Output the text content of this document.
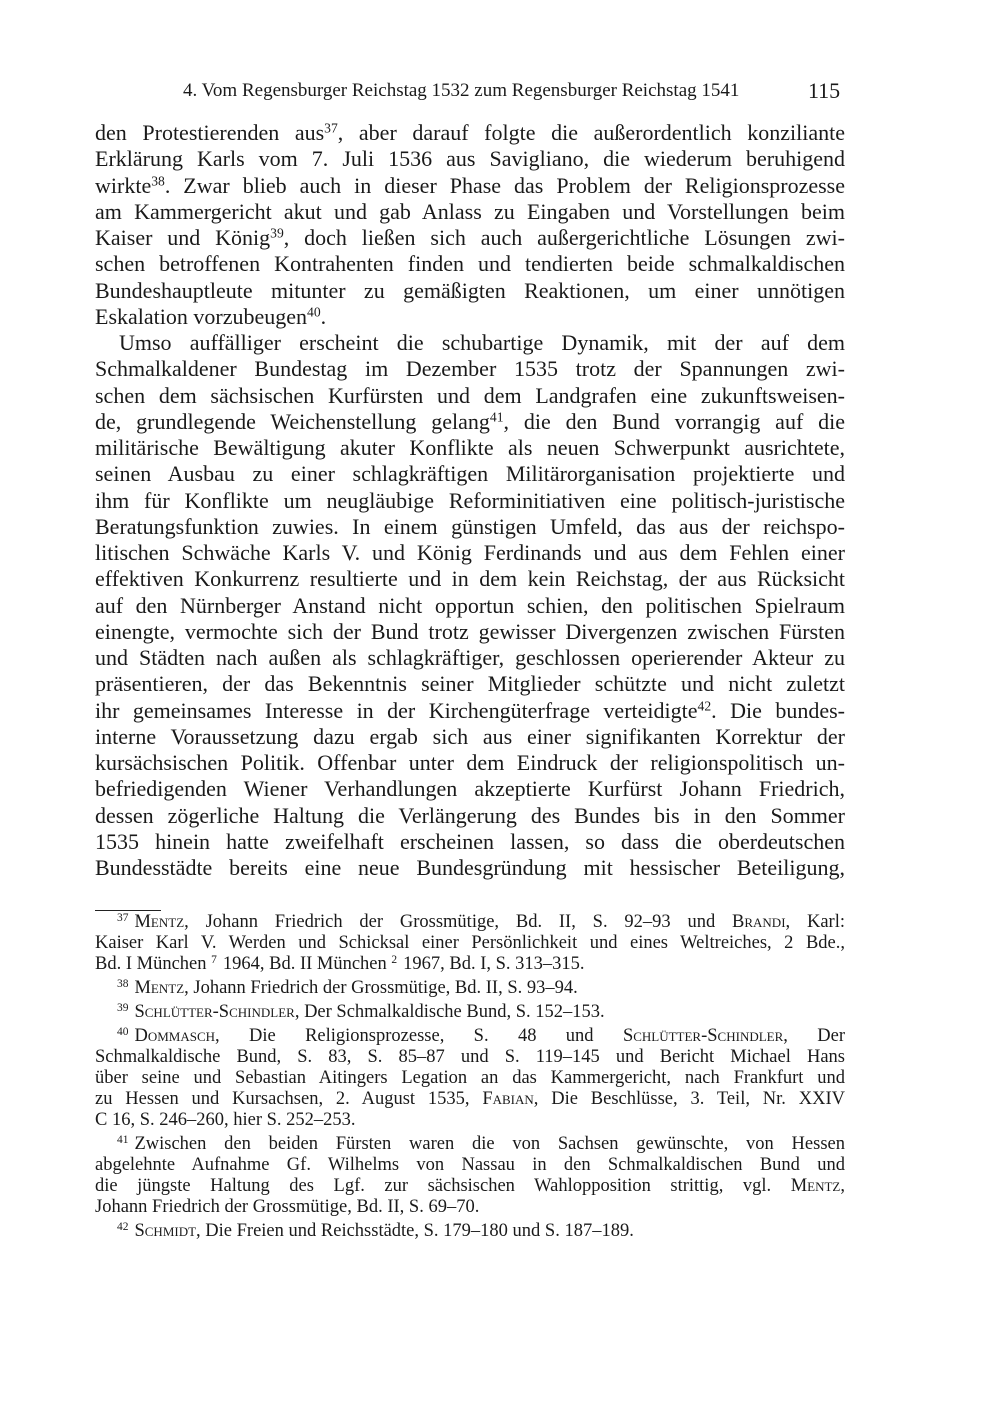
4. Vom Regensburger Reichstag 1532 zum Regensburger Reichstag 1541	115
den Protestierenden aus$^{37}$, aber darauf folgte die außerordentlich konziliante
Erklärung Karls vom 7. Juli 1536 aus Savigliano, die wiederum beruhigend
wirkte$^{38}$. Zwar blieb auch in dieser Phase das Problem der Religionsprozesse
am Kammergericht akut und gab Anlass zu Eingaben und Vorstellungen beim
Kaiser und König$^{39}$, doch ließen sich auch außergerichtliche Lösungen zwi-
schen betroffenen Kontrahenten finden und tendierten beide schmalkaldischen
Bundeshauptleute mitunter zu gemäßigten Reaktionen, um einer unnötigen
Eskalation vorzubeugen$^{40}$.
Umso auffälliger erscheint die schubartige Dynamik, mit der auf dem
Schmalkaldener Bundestag im Dezember 1535 trotz der Spannungen zwi-
schen dem sächsischen Kurfürsten und dem Landgrafen eine zukunftsweisen-
de, grundlegende Weichenstellung gelang$^{41}$, die den Bund vorrangig auf die
militärische Bewältigung akuter Konflikte als neuen Schwerpunkt ausrichtete,
seinen Ausbau zu einer schlagkräftigen Militärorganisation projektierte und
ihm für Konflikte um neugläubige Reforminitiativen eine politisch-juristische
Beratungsfunktion zuwies. In einem günstigen Umfeld, das aus der reichspo-
litischen Schwäche Karls V. und König Ferdinands und aus dem Fehlen einer
effektiven Konkurrenz resultierte und in dem kein Reichstag, der aus Rücksicht
auf den Nürnberger Anstand nicht opportun schien, den politischen Spielraum
einengte, vermochte sich der Bund trotz gewisser Divergenzen zwischen Fürsten
und Städten nach außen als schlagkräftiger, geschlossen operierender Akteur zu
präsentieren, der das Bekenntnis seiner Mitglieder schützte und nicht zuletzt
ihr gemeinsames Interesse in der Kirchengüterfrage verteidigte$^{42}$. Die bundes-
interne Voraussetzung dazu ergab sich aus einer signifikanten Korrektur der
kursächsischen Politik. Offenbar unter dem Eindruck der religionspolitisch un-
befriedigenden Wiener Verhandlungen akzeptierte Kurfürst Johann Friedrich,
dessen zögerliche Haltung die Verlängerung des Bundes bis in den Sommer
1535 hinein hatte zweifelhaft erscheinen lassen, so dass die oberdeutschen
Bundesstädte bereits eine neue Bundesgründung mit hessischer Beteiligung,
$^{37}$ Mentz, Johann Friedrich der Grossmütige, Bd. II, S. 92–93 und Brandi, Karl:
Kaiser Karl V. Werden und Schicksal einer Persönlichkeit und eines Weltreiches, 2 Bde.,
Bd. I München $^7$ 1964, Bd. II München $^2$ 1967, Bd. I, S. 313–315.
$^{38}$ Mentz, Johann Friedrich der Grossmütige, Bd. II, S. 93–94.
$^{39}$ Schlütter-Schindler, Der Schmalkaldische Bund, S. 152–153.
$^{40}$ Dommasch, Die Religionsprozesse, S. 48 und Schlütter-Schindler, Der
Schmalkaldische Bund, S. 83, S. 85–87 und S. 119–145 und Bericht Michael Hans
über seine und Sebastian Aitingers Legation an das Kammergericht, nach Frankfurt und
zu Hessen und Kursachsen, 2. August 1535, Fabian, Die Beschlüsse, 3. Teil, Nr. XXIV
C 16, S. 246–260, hier S. 252–253.
$^{41}$ Zwischen den beiden Fürsten waren die von Sachsen gewünschte, von Hessen
abgelehnte Aufnahme Gf. Wilhelms von Nassau in den Schmalkaldischen Bund und
die jüngste Haltung des Lgf. zur sächsischen Wahlopposition strittig, vgl. Mentz,
Johann Friedrich der Grossmütige, Bd. II, S. 69–70.
$^{42}$ Schmidt, Die Freien und Reichsstädte, S. 179–180 und S. 187–189.
